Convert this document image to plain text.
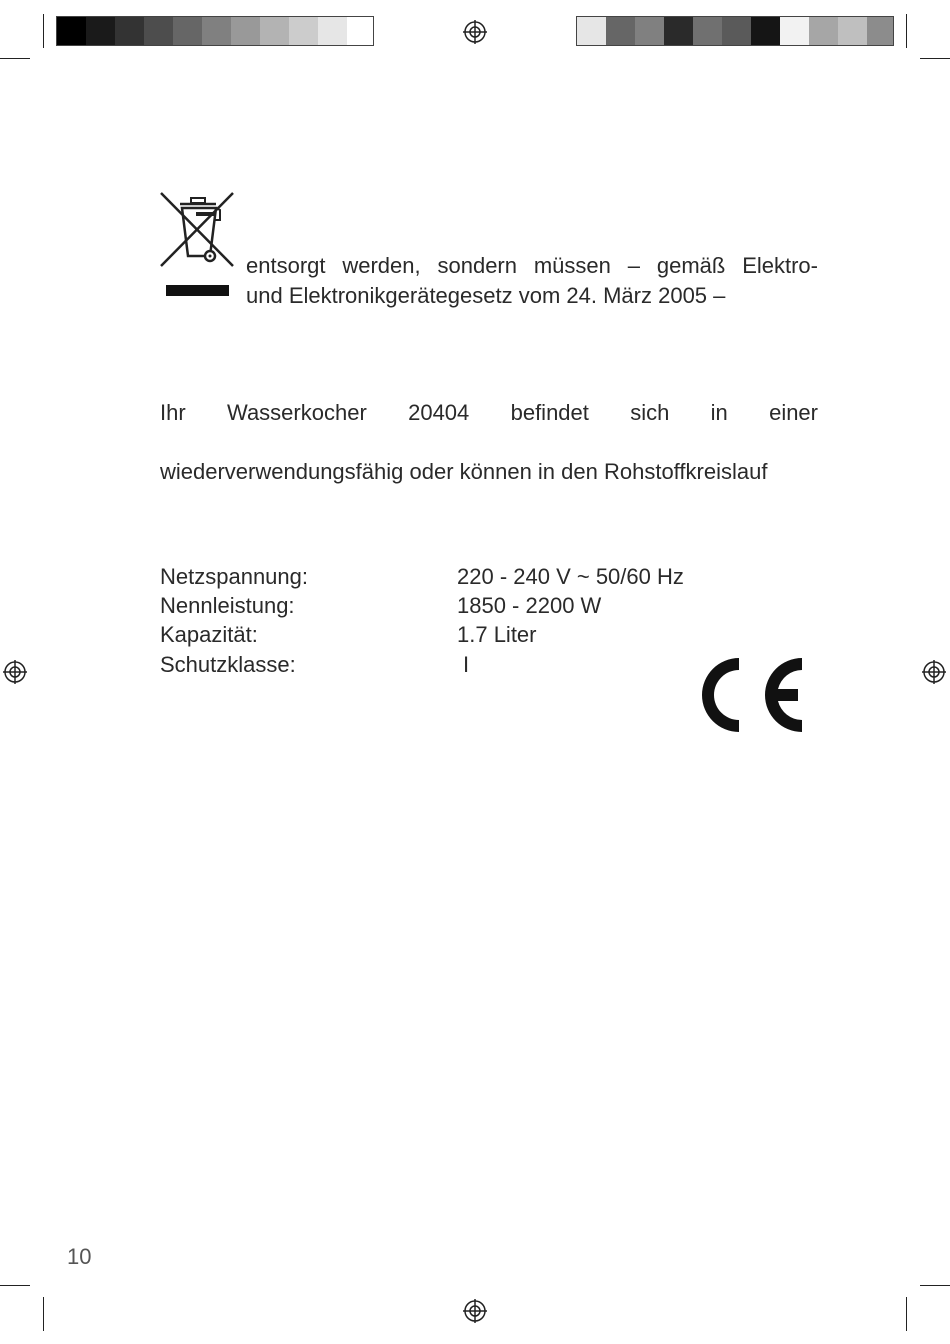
entsorgt werden, sondern müssen – gemäß Elektro-
und Elektronikgerätegesetz vom 24. März 2005 –
Ihr Wasserkocher 20404 befindet sich in einer
wiederverwendungsfähig oder können in den Rohstoffkreislauf
Netzspannung:	220 - 240 V ~ 50/60 Hz
Nennleistung:	1850 - 2200 W
Kapazität:	1.7 Liter
Schutzklasse:	I
10
